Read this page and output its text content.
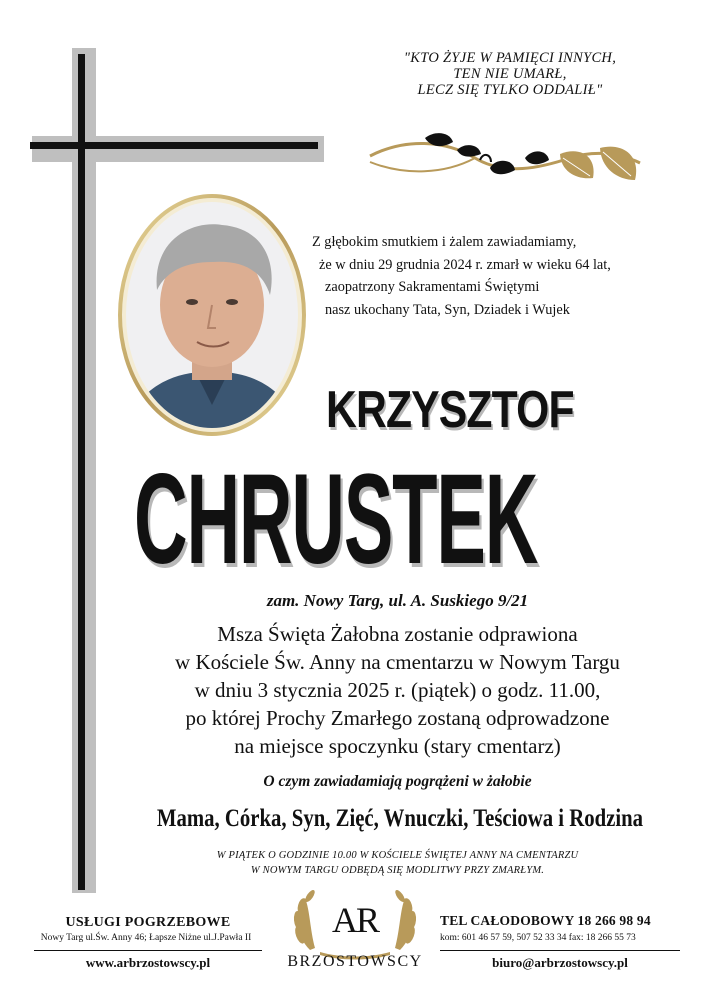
"KTO ŻYJE W PAMIĘCI INNYCH,
TEN NIE UMARŁ,
LECZ SIĘ TYLKO ODDALIŁ"
Z głębokim smutkiem i żalem zawiadamiamy,
że w dniu 29 grudnia 2024 r. zmarł w wieku 64 lat,
zaopatrzony Sakramentami Świętymi
nasz ukochany Tata, Syn, Dziadek i Wujek
KRZYSZTOF
CHRUSTEK
zam. Nowy Targ, ul. A. Suskiego 9/21
Msza Święta Żałobna zostanie odprawiona
w Kościele Św. Anny na cmentarzu w Nowym Targu
w dniu 3 stycznia 2025 r. (piątek) o godz. 11.00,
po której Prochy Zmarłego zostaną odprowadzone
na miejsce spoczynku (stary cmentarz)
O czym zawiadamiają pogrążeni w żałobie
Mama, Córka, Syn, Zięć, Wnuczki, Teściowa i Rodzina
W PIĄTEK O GODZINIE 10.00 W KOŚCIELE ŚWIĘTEJ ANNY NA CMENTARZU
W NOWYM TARGU ODBĘDĄ SIĘ MODLITWY PRZY ZMARŁYM.
USŁUGI POGRZEBOWE
Nowy Targ ul.Św. Anny 46; Łapsze Niżne ul.J.Pawła II
www.arbrzostowscy.pl
AR
BRZOSTOWSCY
TEL CAŁODOBOWY 18 266 98 94
kom: 601 46 57 59, 507 52 33 34 fax: 18 266 55 73
biuro@arbrzostowscy.pl
